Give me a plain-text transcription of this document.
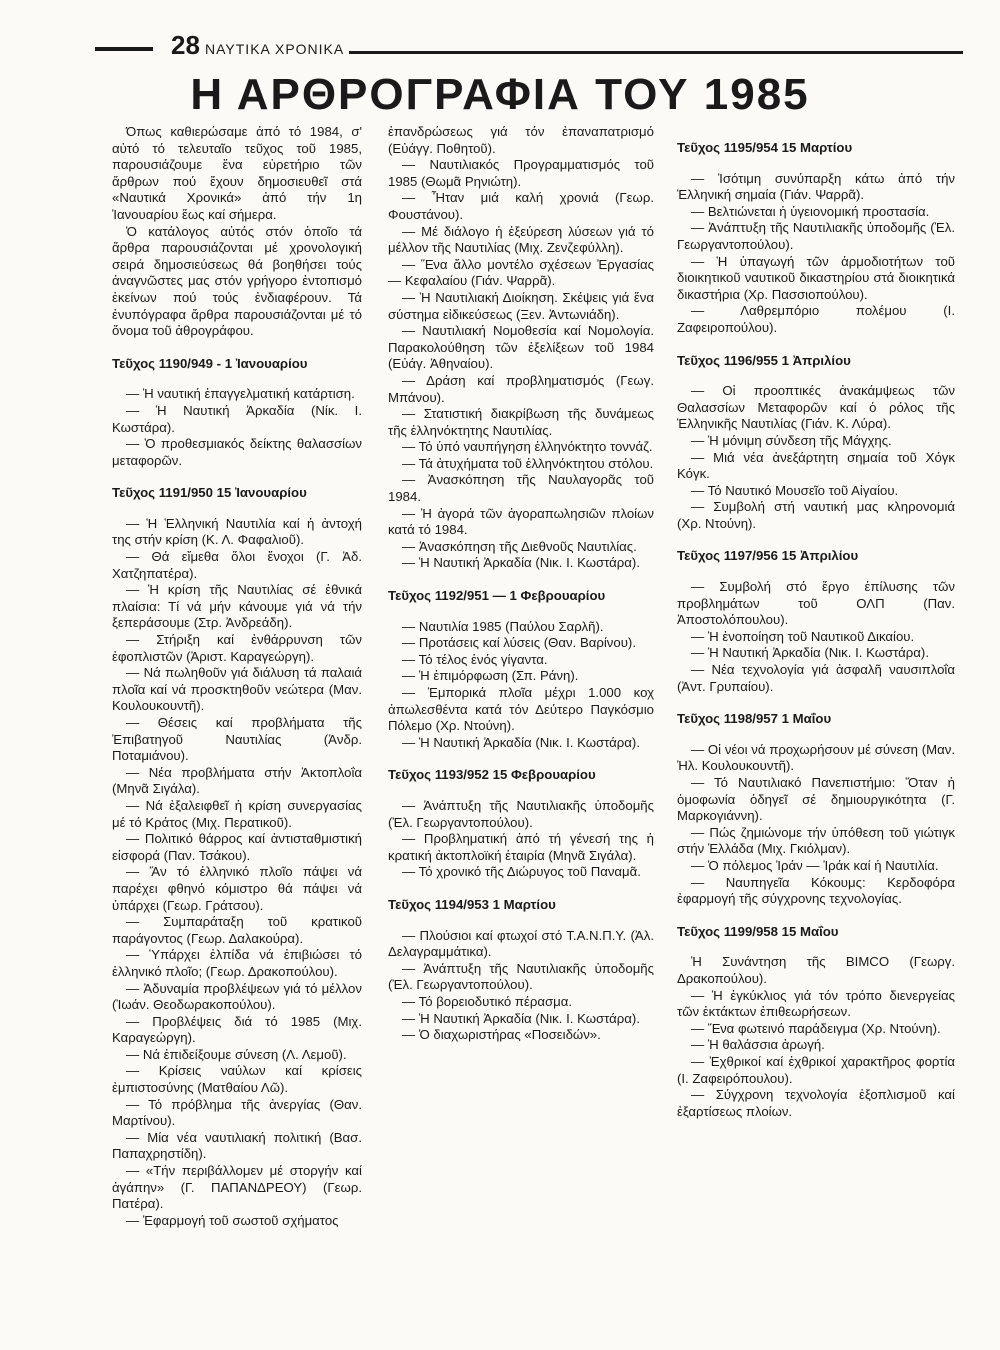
28 ΝΑΥΤΙΚΑ ΧΡΟΝΙΚΑ
Η ΑΡΘΡΟΓΡΑΦΙΑ ΤΟΥ 1985

Όπως καθιερώσαμε ἀπό τό 1984, σ' αὐτό τό τελευταῖο τεῦχος τοῦ 1985, παρουσιάζουμε ἕνα εὑρετήριο τῶν ἄρθρων πού ἔχουν δημοσιευθεῖ στά «Ναυτικά Χρονικά» ἀπό τήν 1η Ἰανουαρίου ἕως καί σήμερα.

Ὁ κατάλογος αὐτός στόν ὁποῖο τά ἄρθρα παρουσιάζονται μέ χρονολογική σειρά δημοσιεύσεως θά βοηθήσει τούς ἀναγνῶστες μας στόν γρήγορο ἐντοπισμό ἐκείνων πού τούς ἐνδιαφέρουν. Τά ἐνυπόγραφα ἄρθρα παρουσιάζονται μέ τό ὄνομα τοῦ ἀθρογράφου.

Τεῦχος 1190/949 - 1 Ἰανουαρίου

— Ἡ ναυτική ἐπαγγελματική κατάρτιση.

— Ἡ Ναυτική Ἀρκαδία (Νίκ. Ι. Κωστάρα).

— Ὁ προθεσμιακός δείκτης θαλασσίων μεταφορῶν.

Τεῦχος 1191/950 15 Ἰανουαρίου

— Ἡ Ἑλληνική Ναυτιλία καί ἡ ἀντοχή της στήν κρίση (Κ. Λ. Φαφαλιοῦ).

— Θά εἴμεθα ὅλοι ἔνοχοι (Γ. Ἀδ. Χατζηπατέρα).

— Ἡ κρίση τῆς Ναυτιλίας σέ ἐθνικά πλαίσια: Τί νά μήν κάνουμε γιά νά τήν ξεπεράσουμε (Στρ. Ἀνδρεάδη).

— Στήριξη καί ἐνθάρρυνση τῶν ἐφοπλιστῶν (Ἀριστ. Καραγεώργη).

— Νά πωληθοῦν γιά διάλυση τά παλαιά πλοῖα καί νά προσκτηθοῦν νεώτερα (Μαν. Κουλουκουντῆ).

— Θέσεις καί προβλήματα τῆς Ἐπιβατηγοῦ Ναυτιλίας (Ἀνδρ. Ποταμιάνου).

— Νέα προβλήματα στήν Ἀκτοπλοΐα (Μηνᾶ Σιγάλα).

— Νά ἐξαλειφθεῖ ἡ κρίση συνεργασίας μέ τό Κράτος (Μιχ. Περατικοῦ).

— Πολιτικό θάρρος καί ἀντισταθμιστική εἰσφορά (Παν. Τσάκου).

— Ἄν τό ἑλληνικό πλοῖο πάψει νά παρέχει φθηνό κόμιστρο θά πάψει νά ὑπάρχει (Γεωρ. Γράτσου).

— Συμπαράταξη τοῦ κρατικοῦ παράγοντος (Γεωρ. Δαλακούρα).

— Ὑπάρχει ἐλπίδα νά ἐπιβιώσει τό ἑλληνικό πλοῖο; (Γεωρ. Δρακοπούλου).

— Ἀδυναμία προβλέψεων γιά τό μέλλον (Ἰωάν. Θεοδωρακοπούλου).

— Προβλέψεις διά τό 1985 (Μιχ. Καραγεώργη).

— Νά ἐπιδείξουμε σύνεση (Λ. Λεμοῦ).

— Κρίσεις ναύλων καί κρίσεις ἐμπιστοσύνης (Ματθαίου Λῶ).

— Τό πρόβλημα τῆς ἀνεργίας (Θαν. Μαρτίνου).

— Μία νέα ναυτιλιακή πολιτική (Βασ. Παπαχρηστίδη).

— «Τήν περιβάλλομεν μέ στοργήν καί ἀγάπην» (Γ. ΠΑΠΑΝΔΡΕΟΥ) (Γεωρ. Πατέρα).

— Ἐφαρμογή τοῦ σωστοῦ σχήματος

ἐπανδρώσεως γιά τόν ἐπαναπατρισμό (Εὐάγγ. Ποθητοῦ).

— Ναυτιλιακός Προγραμματισμός τοῦ 1985 (Θωμᾶ Ρηνιώτη).

— Ἦταν μιά καλή χρονιά (Γεωρ. Φουστάνου).

— Μέ διάλογο ἡ ἐξεύρεση λύσεων γιά τό μέλλον τῆς Ναυτιλίας (Μιχ. Ζενζεφύλλη).

— Ἕνα ἄλλο μοντέλο σχέσεων Ἐργασίας — Κεφαλαίου (Γιάν. Ψαρρᾶ).

— Ἡ Ναυτιλιακή Διοίκηση. Σκέψεις γιά ἕνα σύστημα εἰδικεύσεως (Ξεν. Ἀντωνιάδη).

— Ναυτιλιακή Νομοθεσία καί Νομολογία. Παρακολούθηση τῶν ἐξελίξεων τοῦ 1984 (Εὐάγ. Ἀθηναίου).

— Δράση καί προβληματισμός (Γεωγ. Μπάνου).

— Στατιστική διακρίβωση τῆς δυνάμεως τῆς ἑλληνόκτητης Ναυτιλίας.

— Τό ὑπό ναυπήγηση ἑλληνόκτητο τοννάζ.

— Τά ἀτυχήματα τοῦ ἑλληνόκτητου στόλου.

— Ἀνασκόπηση τῆς Ναυλαγορᾶς τοῦ 1984.

— Ἡ ἀγορά τῶν ἀγοραπωλησιῶν πλοίων κατά τό 1984.

— Ἀνασκόπηση τῆς Διεθνοῦς Ναυτιλίας.

— Ἡ Ναυτική Ἀρκαδία (Νικ. Ι. Κωστάρα).

Τεῦχος 1192/951 — 1 Φεβρουαρίου

— Ναυτιλία 1985 (Παύλου Σαρλῆ).

— Προτάσεις καί λύσεις (Θαν. Βαρίνου).

— Τό τέλος ἑνός γίγαντα.

— Ἡ ἐπιμόρφωση (Σπ. Ράνη).

— Ἐμπορικά πλοῖα μέχρι 1.000 κοχ ἀπωλεσθέντα κατά τόν Δεύτερο Παγκόσμιο Πόλεμο (Χρ. Ντούνη).

— Ἡ Ναυτική Ἀρκαδία (Νικ. Ι. Κωστάρα).

Τεῦχος 1193/952 15 Φεβρουαρίου

— Ἀνάπτυξη τῆς Ναυτιλιακῆς ὑποδομῆς (Ἐλ. Γεωργαντοπούλου).

— Προβληματική ἀπό τή γένεσή της ἡ κρατική ἀκτοπλοϊκή ἑταιρία (Μηνᾶ Σιγάλα).

— Τό χρονικό τῆς Διώρυγος τοῦ Παναμᾶ.

Τεῦχος 1194/953 1 Μαρτίου

— Πλούσιοι καί φτωχοί στό Τ.Α.Ν.Π.Υ. (Ἀλ. Δελαγραμμάτικα).

— Ἀνάπτυξη τῆς Ναυτιλιακῆς ὑποδομῆς (Ἐλ. Γεωργαντοπούλου).

— Τό βορειοδυτικό πέρασμα.

— Ἡ Ναυτική Ἀρκαδία (Νικ. Ι. Κωστάρα).

— Ὁ διαχωριστήρας «Ποσειδών».

Τεῦχος 1195/954 15 Μαρτίου

— Ἰσότιμη συνύπαρξη κάτω ἀπό τήν Ἑλληνική σημαία (Γιάν. Ψαρρᾶ).

— Βελτιώνεται ἡ ὑγειονομική προστασία.

— Ἀνάπτυξη τῆς Ναυτιλιακῆς ὑποδομῆς (Ἐλ. Γεωργαντοπούλου).

— Ἡ ὑπαγωγή τῶν ἁρμοδιοτήτων τοῦ διοικητικοῦ ναυτικοῦ δικαστηρίου στά διοικητικά δικαστήρια (Χρ. Πασσιοπούλου).

— Λαθρεμπόριο πολέμου (Ι. Ζαφειροπούλου).

Τεῦχος 1196/955 1 Ἀπριλίου

— Οἱ προοπτικές ἀνακάμψεως τῶν Θαλασσίων Μεταφορῶν καί ὁ ρόλος τῆς Ἑλληνικῆς Ναυτιλίας (Γιάν. Κ. Λύρα).

— Ἡ μόνιμη σύνδεση τῆς Μάγχης.

— Μιά νέα ἀνεξάρτητη σημαία τοῦ Χόγκ Κόγκ.

— Τό Ναυτικό Μουσεῖο τοῦ Αἰγαίου.

— Συμβολή στή ναυτική μας κληρονομιά (Χρ. Ντούνη).

Τεῦχος 1197/956 15 Ἀπριλίου

— Συμβολή στό ἔργο ἐπίλυσης τῶν προβλημάτων τοῦ ΟΛΠ (Παν. Ἀποστολόπουλου).

— Ἡ ἑνοποίηση τοῦ Ναυτικοῦ Δικαίου.

— Ἡ Ναυτική Ἀρκαδία (Νικ. Ι. Κωστάρα).

— Νέα τεχνολογία γιά ἀσφαλῆ ναυσιπλοΐα (Ἀντ. Γρυπαίου).

Τεῦχος 1198/957 1 Μαΐου

— Οἱ νέοι νά προχωρήσουν μέ σύνεση (Μαν. Ἠλ. Κουλουκουντῆ).

— Τό Ναυτιλιακό Πανεπιστήμιο: Ὅταν ἡ ὁμοφωνία ὁδηγεῖ σέ δημιουργικότητα (Γ. Μαρκογιάννη).

— Πώς ζημιώνομε τήν ὑπόθεση τοῦ γιώτιγκ στήν Ἑλλάδα (Μιχ. Γκιόλμαν).

— Ὁ πόλεμος Ἰράν — Ἰράκ καί ἡ Ναυτιλία.

— Ναυπηγεῖα Κόκουμς: Κερδοφόρα ἐφαρμογή τῆς σύγχρονης τεχνολογίας.

Τεῦχος 1199/958 15 Μαΐου

Ἡ Συνάντηση τῆς BIMCO (Γεωργ. Δρακοπούλου).

— Ἡ ἐγκύκλιος γιά τόν τρόπο διενεργείας τῶν ἐκτάκτων ἐπιθεωρήσεων.

— Ἕνα φωτεινό παράδειγμα (Χρ. Ντούνη).

— Ἡ θαλάσσια ἀρωγή.

— Ἐχθρικοί καί ἐχθρικοί χαρακτῆρος φορτία (Ι. Ζαφειρόπουλου).

— Σύγχρονη τεχνολογία ἐξοπλισμοῦ καί ἐξαρτίσεως πλοίων.
